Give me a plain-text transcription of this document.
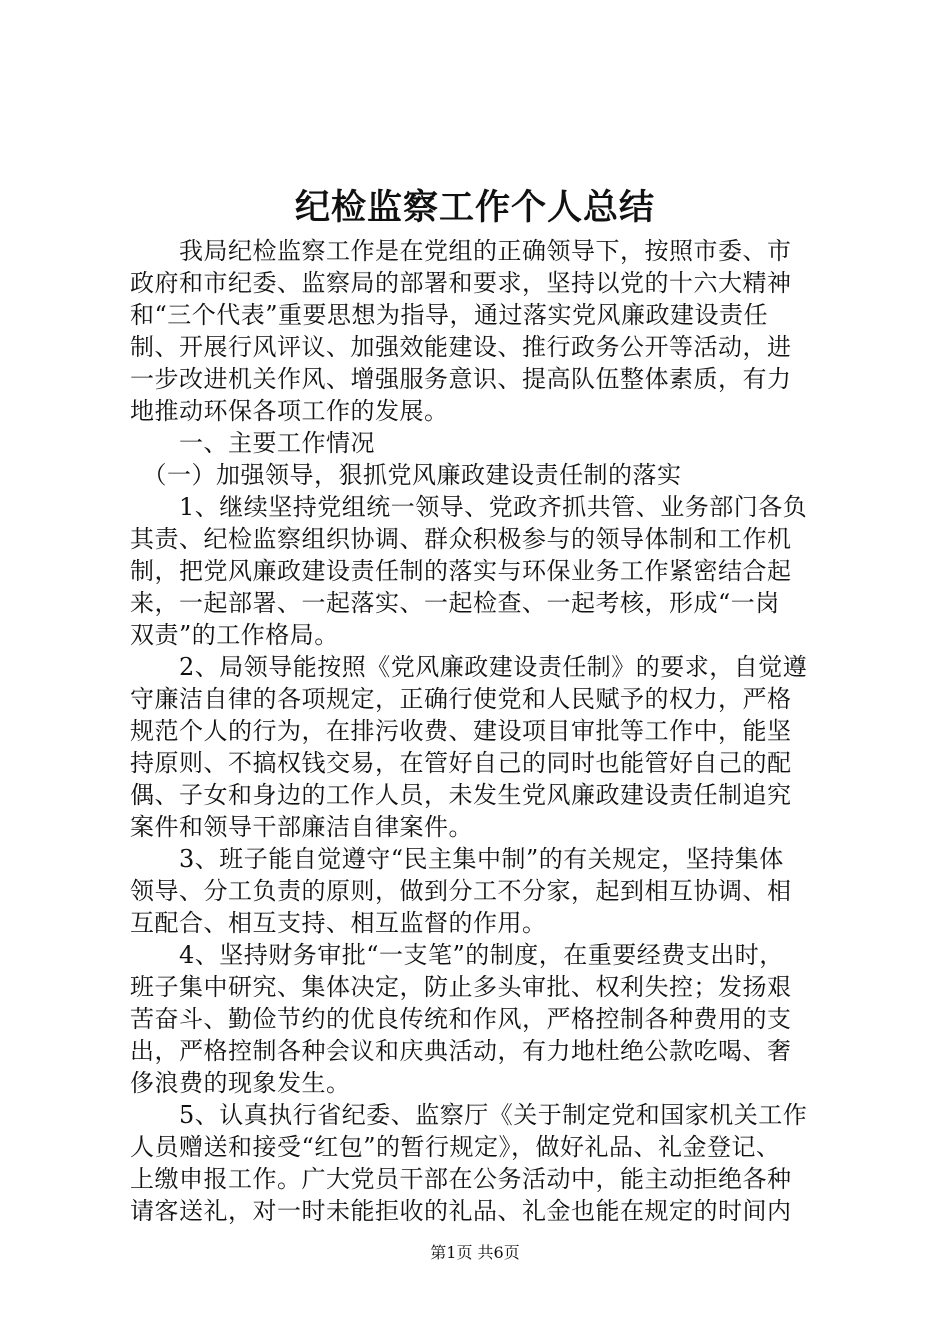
纪检监察工作个人总结
　　我局纪检监察工作是在党组的正确领导下，按照市委、市
政府和市纪委、监察局的部署和要求，坚持以党的十六大精神
和“三个代表”重要思想为指导，通过落实党风廉政建设责任
制、开展行风评议、加强效能建设、推行政务公开等活动，进
一步改进机关作风、增强服务意识、提高队伍整体素质，有力
地推动环保各项工作的发展。
　　一、主要工作情况
　（一）加强领导，狠抓党风廉政建设责任制的落实
　　1、继续坚持党组统一领导、党政齐抓共管、业务部门各负
其责、纪检监察组织协调、群众积极参与的领导体制和工作机
制，把党风廉政建设责任制的落实与环保业务工作紧密结合起
来，一起部署、一起落实、一起检查、一起考核，形成“一岗
双责”的工作格局。
　　2、局领导能按照《党风廉政建设责任制》的要求，自觉遵
守廉洁自律的各项规定，正确行使党和人民赋予的权力，严格
规范个人的行为，在排污收费、建设项目审批等工作中，能坚
持原则、不搞权钱交易，在管好自己的同时也能管好自己的配
偶、子女和身边的工作人员，未发生党风廉政建设责任制追究
案件和领导干部廉洁自律案件。
　　3、班子能自觉遵守“民主集中制”的有关规定，坚持集体
领导、分工负责的原则，做到分工不分家，起到相互协调、相
互配合、相互支持、相互监督的作用。
　　4、坚持财务审批“一支笔”的制度，在重要经费支出时，
班子集中研究、集体决定，防止多头审批、权利失控；发扬艰
苦奋斗、勤俭节约的优良传统和作风，严格控制各种费用的支
出，严格控制各种会议和庆典活动，有力地杜绝公款吃喝、奢
侈浪费的现象发生。
　　5、认真执行省纪委、监察厅《关于制定党和国家机关工作
人员赠送和接受“红包”的暂行规定》，做好礼品、礼金登记、
上缴申报工作。广大党员干部在公务活动中，能主动拒绝各种
请客送礼，对一时未能拒收的礼品、礼金也能在规定的时间内
第1页 共6页
